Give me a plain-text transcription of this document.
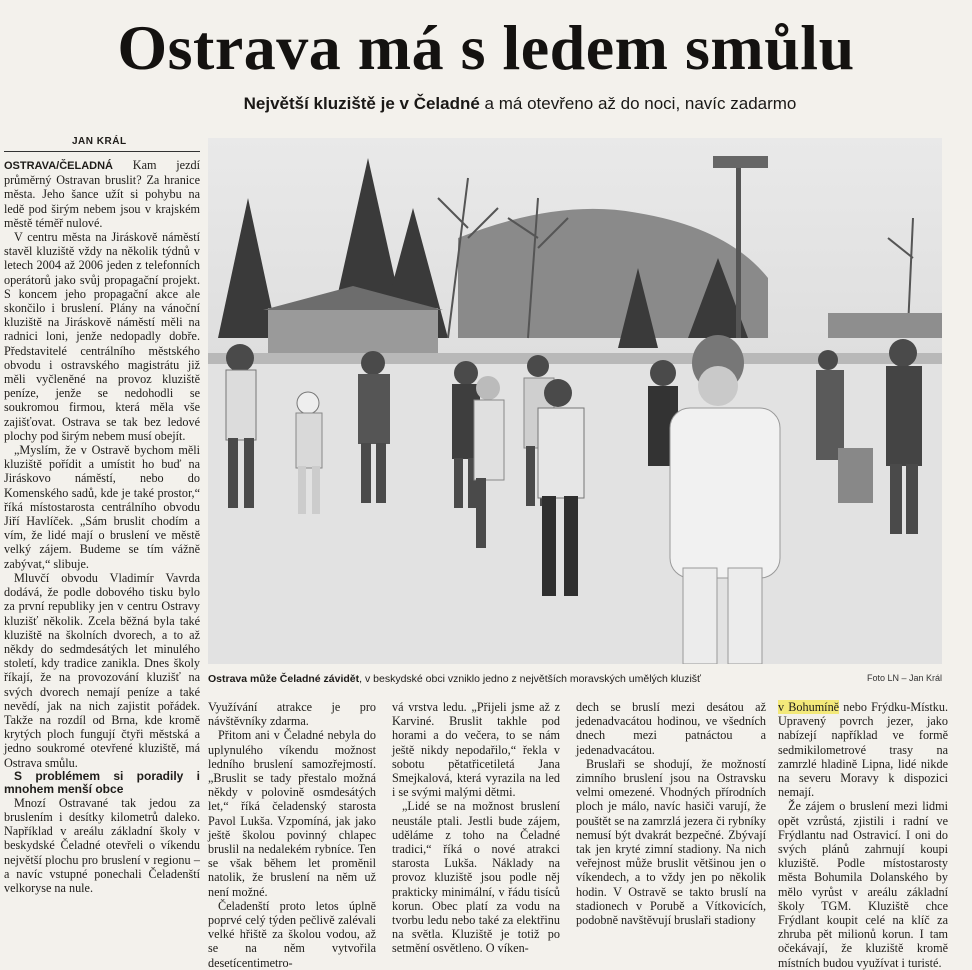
Ostrava má s ledem smůlu
Největší kluziště je v Čeladné a má otevřeno až do noci, navíc zadarmo
JAN KRÁL

OSTRAVA/ČELADNÁ Kam jezdí průměrný Ostravan bruslit? Za hranice města. Jeho šance užít si pohybu na ledě pod širým nebem jsou v krajském městě téměř nulové.

V centru města na Jiráskově náměstí stavěl kluziště vždy na několik týdnů v letech 2004 až 2006 jeden z telefonních operátorů jako svůj propagační projekt. S koncem jeho propagační akce ale skončilo i bruslení. Plány na vánoční kluziště na Jiráskově náměstí měli na radnici loni, jenže nedopadly dobře. Představitelé centrálního městského obvodu i ostravského magistrátu již měli vyčleněné na provoz kluziště peníze, jenže se nedohodli se soukromou firmou, která měla vše zajišťovat. Ostrava se tak bez ledové plochy pod širým nebem musí obejít.

„Myslím, že v Ostravě bychom měli kluziště pořídit a umístit ho buď na Jiráskovo náměstí, nebo do Komenského sadů, kde je také prostor,“ říká místostarosta centrálního obvodu Jiří Havlíček. „Sám bruslit chodím a vím, že lidé mají o bruslení ve městě velký zájem. Budeme se tím vážně zabývat,“ slibuje.

Mluvčí obvodu Vladimír Vavrda dodává, že podle dobového tisku bylo za první republiky jen v centru Ostravy kluzišť několik. Zcela běžná byla také kluziště na školních dvorech, a to až někdy do sedmdesátých let minulého století, kdy tradice zanikla. Dnes školy říkají, že na provozování kluzišť na svých dvorech nemají peníze a také nevědí, jak na nich zajistit pořádek. Takže na rozdíl od Brna, kde kromě krytých ploch fungují čtyři městská a jedno soukromé otevřené kluziště, má Ostrava smůlu.

S problémem si poradily i mnohem menší obce

Mnozí Ostravané tak jedou za bruslením i desítky kilometrů daleko. Například v areálu základní školy v beskydské Čeladné otevřeli o víkendu největší plochu pro bruslení v regionu – a navíc vstupné ponechali Čeladenští velkoryse na nule.

Ostrava může Čeladné závidět, v beskydské obci vzniklo jedno z největších moravských umělých kluzišť	Foto LN – Jan Král

Využívání atrakce je pro návštěvníky zdarma.

Přitom ani v Čeladné nebyla do uplynulého víkendu možnost ledního bruslení samozřejmostí. „Bruslit se tady přestalo možná někdy v polovině osmdesátých let,“ říká čeladenský starosta Pavol Lukša. Vzpomíná, jak jako ještě školou povinný chlapec bruslil na nedalekém rybníce. Ten se však během let proměnil natolik, že bruslení na něm už není možné.

Čeladenští proto letos úplně poprvé celý týden pečlivě zalévali velké hřiště za školou vodou, až se na něm vytvořila desetícentimetro-

vá vrstva ledu. „Přijeli jsme až z Karviné. Bruslit takhle pod horami a do večera, to se nám ještě nikdy nepodařilo,“ řekla v sobotu pětatřicetiletá Jana Smejkalová, která vyrazila na led i se svými malými dětmi.

„Lidé se na možnost bruslení neustále ptali. Jestli bude zájem, uděláme z toho na Čeladné tradici,“ říká o nové atrakci starosta Lukša. Náklady na provoz kluziště jsou podle něj prakticky minimální, v řádu tisíců korun. Obec platí za vodu na tvorbu ledu nebo také za elektřinu na světla. Kluziště je totiž po setmění osvětleno. O víken-

dech se bruslí mezi desátou až jedenadvacátou hodinou, ve všedních dnech mezi patnáctou a jedenadvacátou.

Bruslaři se shodují, že možností zimního bruslení jsou na Ostravsku velmi omezené. Vhodných přírodních ploch je málo, navíc hasiči varují, že pouštět se na zamrzlá jezera či rybníky nemusí být dvakrát bezpečné. Zbývají tak jen kryté zimní stadiony. Na nich veřejnost může bruslit většinou jen o víkendech, a to vždy jen po několik hodin. V Ostravě se takto bruslí na stadionech v Porubě a Vítkovicích, podobně navštěvují bruslaři stadiony

v Bohumíně nebo Frýdku-Místku. Upravený povrch jezer, jako nabízejí například ve formě sedmikilometrové trasy na zamrzlé hladině Lipna, lidé nikde na severu Moravy k dispozici nemají.

Že zájem o bruslení mezi lidmi opět vzrůstá, zjistili i radní ve Frýdlantu nad Ostravicí. I oni do svých plánů zahrnují koupi kluziště. Podle místostarosty města Bohumila Dolanského by mělo vyrůst v areálu základní školy TGM. Kluziště chce Frýdlant koupit celé na klíč za zhruba pět milionů korun. I tam očekávají, že kluziště kromě místních budou využívat i turisté.
